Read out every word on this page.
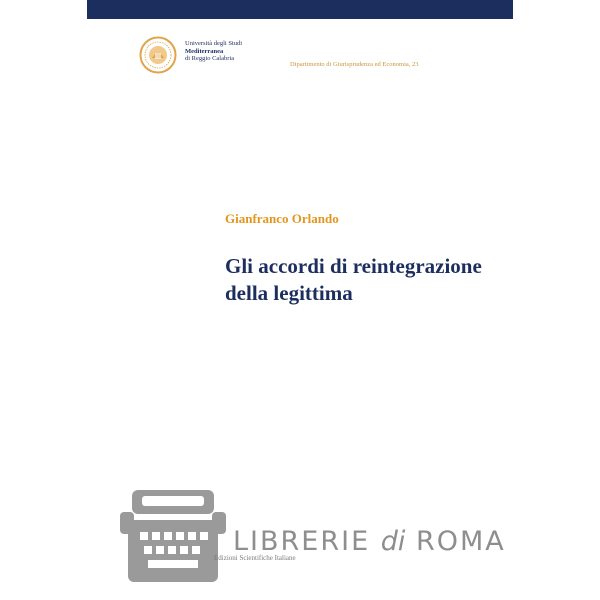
Università degli Studi
Mediterranea
di Reggio Calabria
Dipartimento di Giurisprudenza ed Economia, 23
Gianfranco Orlando
Gli accordi di reintegrazione
della legittima
Edizioni Scientifiche Italiane
LIBRERIE di ROMA
